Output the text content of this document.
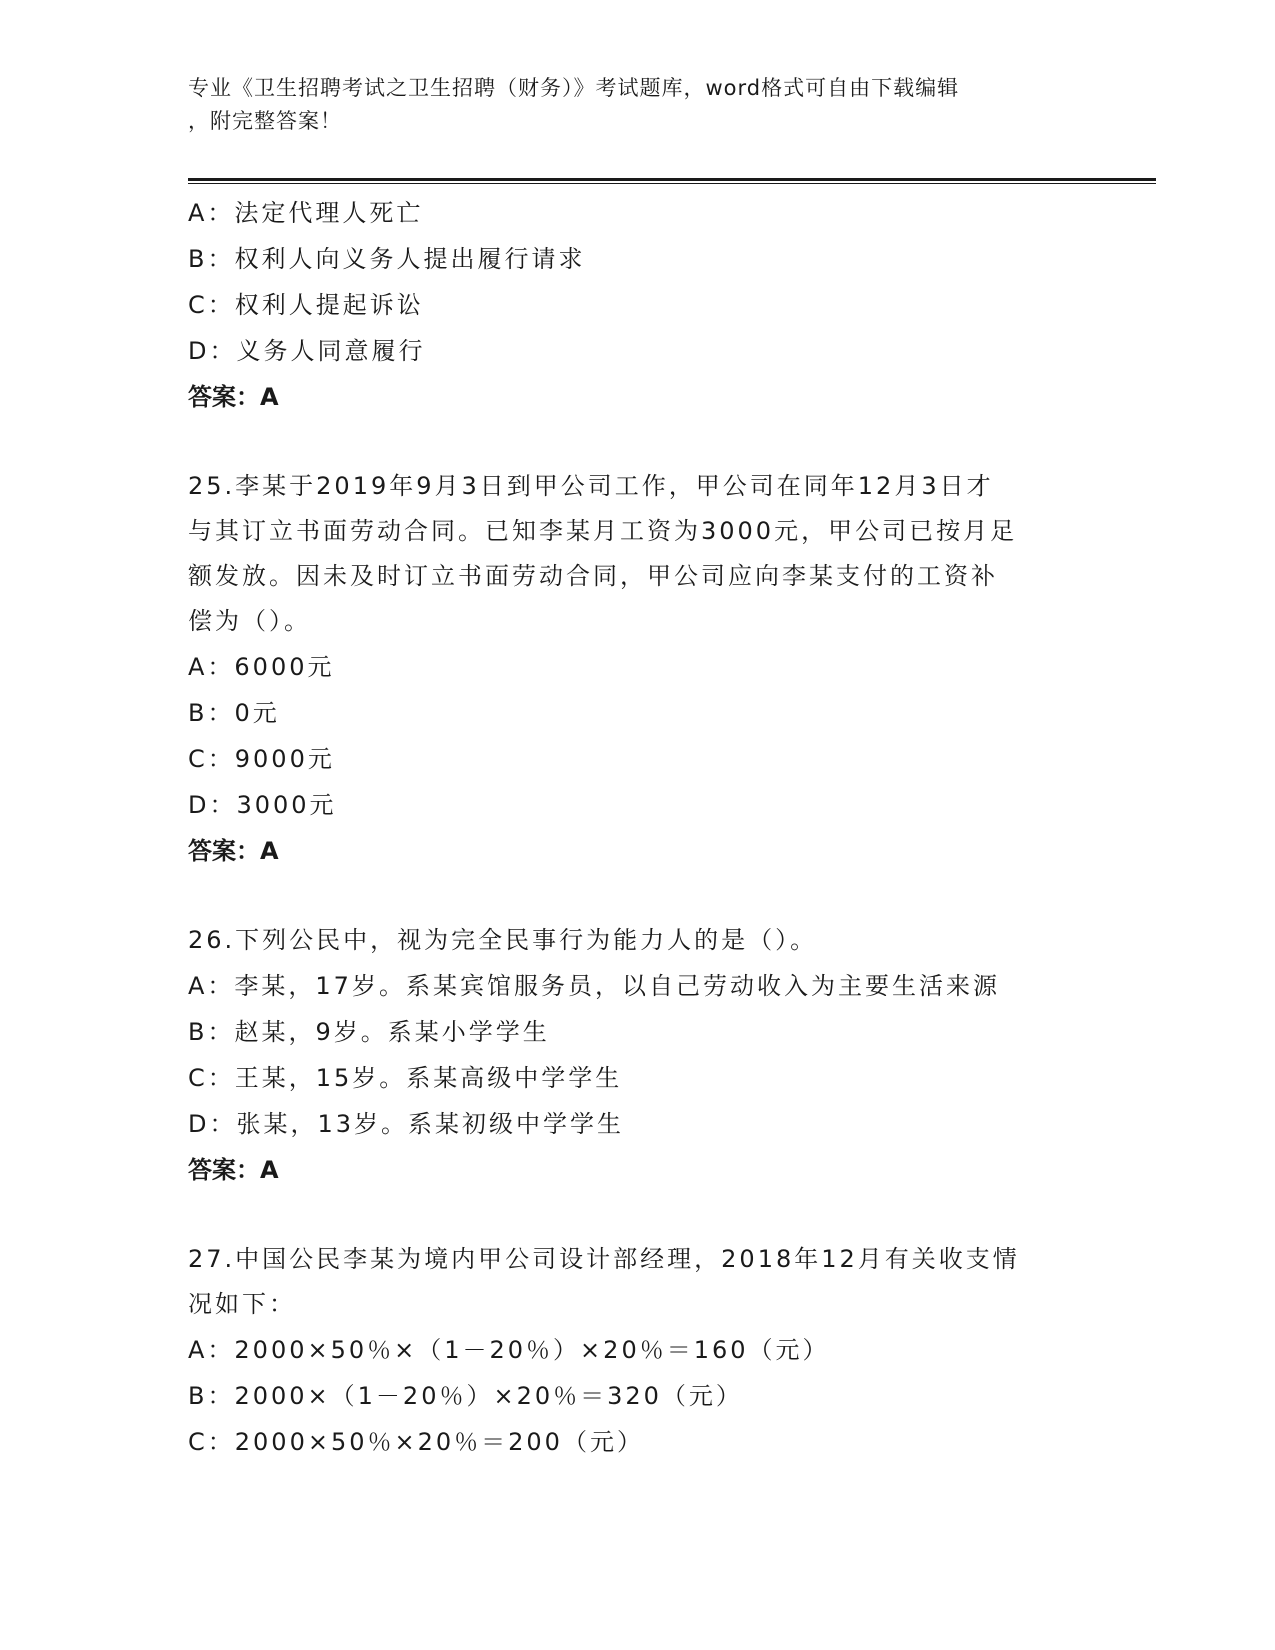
专业《卫生招聘考试之卫生招聘（财务）》考试题库，word格式可自由下载编辑
，附完整答案！
A：法定代理人死亡
B：权利人向义务人提出履行请求
C：权利人提起诉讼
D：义务人同意履行
答案：A
25.李某于2019年9月3日到甲公司工作，甲公司在同年12月3日才
与其订立书面劳动合同。已知李某月工资为3000元，甲公司已按月足
额发放。因未及时订立书面劳动合同，甲公司应向李某支付的工资补
偿为（）。
A：6000元
B：0元
C：9000元
D：3000元
答案：A
26.下列公民中，视为完全民事行为能力人的是（）。
A：李某，17岁。系某宾馆服务员，以自己劳动收入为主要生活来源
B：赵某，9岁。系某小学学生
C：王某，15岁。系某高级中学学生
D：张某，13岁。系某初级中学学生
答案：A
27.中国公民李某为境内甲公司设计部经理，2018年12月有关收支情
况如下：
A：2000×50％×（1－20％）×20％＝160（元）
B：2000×（1－20％）×20％＝320（元）
C：2000×50％×20％＝200（元）
